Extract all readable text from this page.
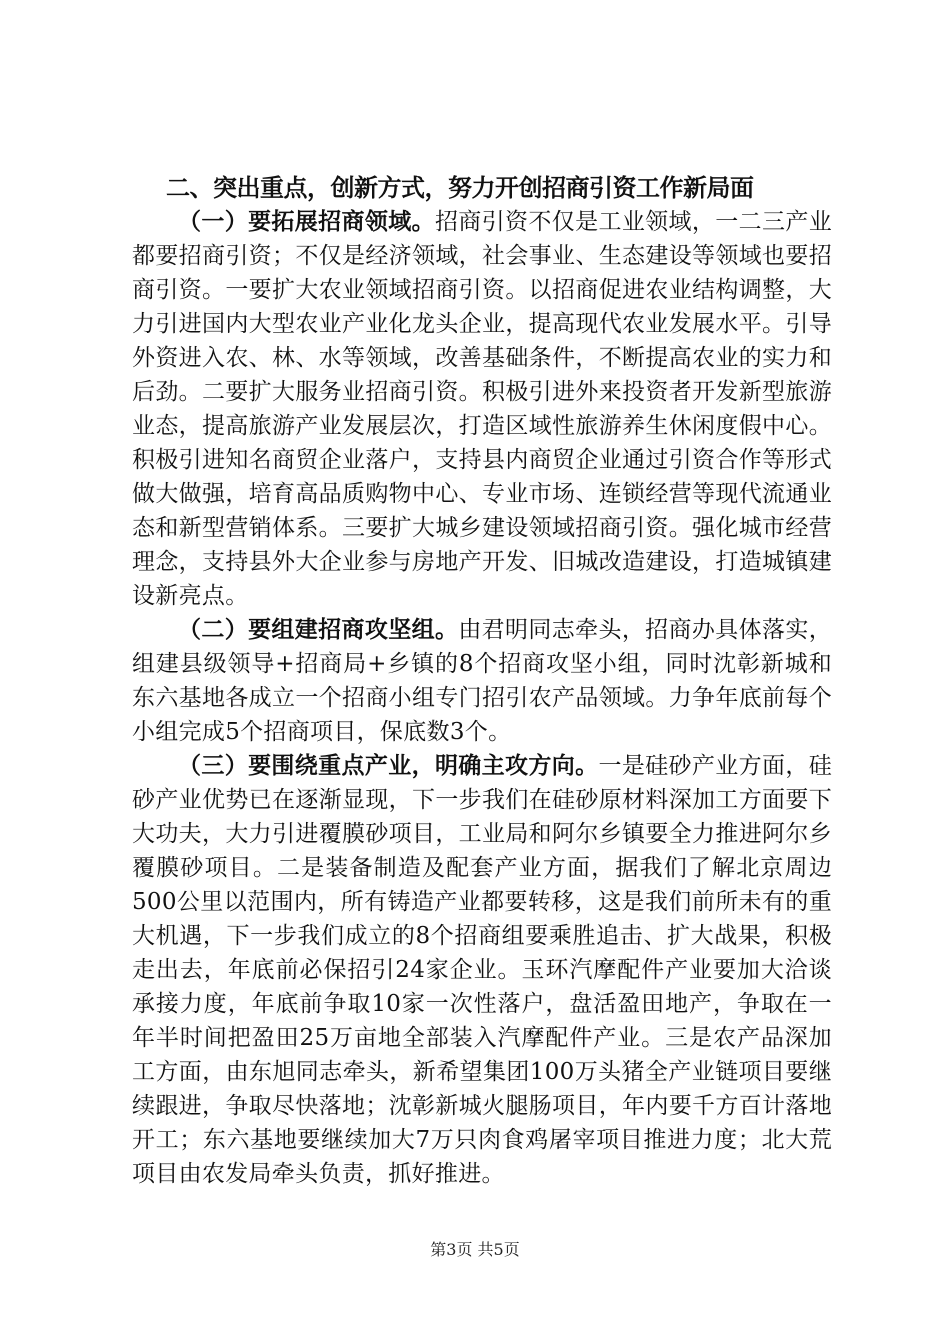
二、突出重点，创新方式，努力开创招商引资工作新局面

（一）要拓展招商领域。招商引资不仅是工业领域，一二三产业都要招商引资；不仅是经济领域，社会事业、生态建设等领域也要招商引资。一要扩大农业领域招商引资。以招商促进农业结构调整，大力引进国内大型农业产业化龙头企业，提高现代农业发展水平。引导外资进入农、林、水等领域，改善基础条件，不断提高农业的实力和后劲。二要扩大服务业招商引资。积极引进外来投资者开发新型旅游业态，提高旅游产业发展层次，打造区域性旅游养生休闲度假中心。积极引进知名商贸企业落户，支持县内商贸企业通过引资合作等形式做大做强，培育高品质购物中心、专业市场、连锁经营等现代流通业态和新型营销体系。三要扩大城乡建设领域招商引资。强化城市经营理念，支持县外大企业参与房地产开发、旧城改造建设，打造城镇建设新亮点。

（二）要组建招商攻坚组。由君明同志牵头，招商办具体落实，组建县级领导+招商局+乡镇的8个招商攻坚小组，同时沈彰新城和东六基地各成立一个招商小组专门招引农产品领域。力争年底前每个小组完成5个招商项目，保底数3个。

（三）要围绕重点产业，明确主攻方向。一是硅砂产业方面，硅砂产业优势已在逐渐显现，下一步我们在硅砂原材料深加工方面要下大功夫，大力引进覆膜砂项目，工业局和阿尔乡镇要全力推进阿尔乡覆膜砂项目。二是装备制造及配套产业方面，据我们了解北京周边500公里以范围内，所有铸造产业都要转移，这是我们前所未有的重大机遇，下一步我们成立的8个招商组要乘胜追击、扩大战果，积极走出去，年底前必保招引24家企业。玉环汽摩配件产业要加大洽谈承接力度，年底前争取10家一次性落户，盘活盈田地产，争取在一年半时间把盈田25万亩地全部装入汽摩配件产业。三是农产品深加工方面，由东旭同志牵头，新希望集团100万头猪全产业链项目要继续跟进，争取尽快落地；沈彰新城火腿肠项目，年内要千方百计落地开工；东六基地要继续加大7万只肉食鸡屠宰项目推进力度；北大荒项目由农发局牵头负责，抓好推进。

第3页 共5页
